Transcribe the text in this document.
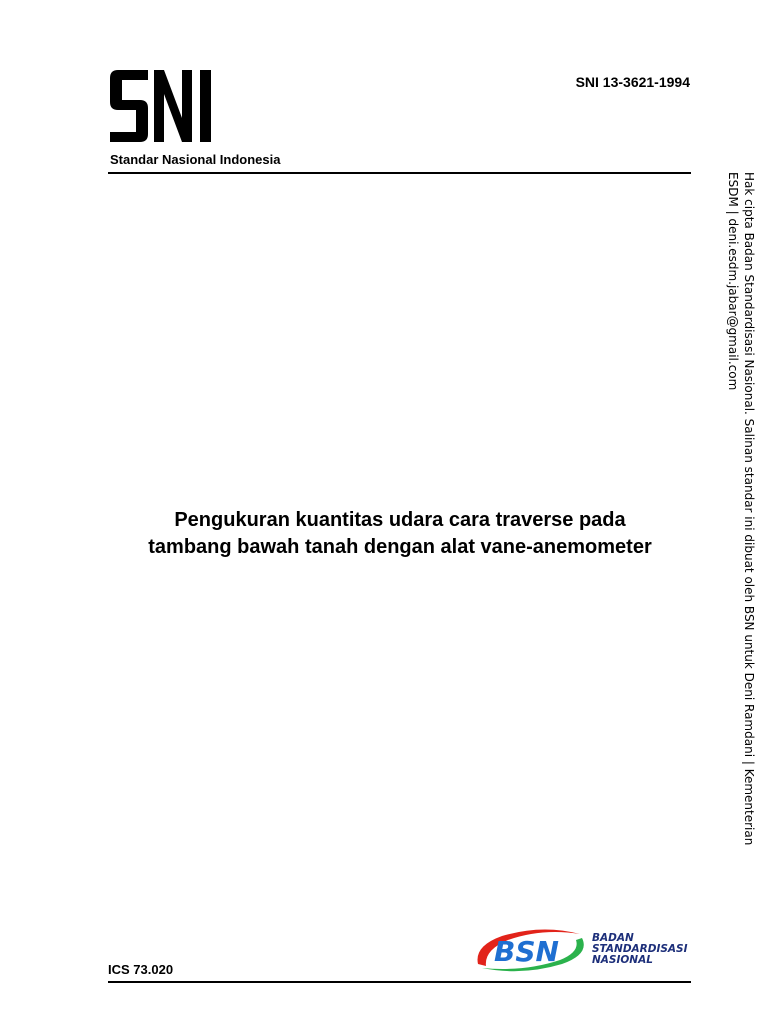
Standar Nasional Indonesia
SNI 13-3621-1994
Pengukuran kuantitas udara cara traverse pada
tambang bawah tanah dengan alat vane-anemometer	Hak cipta Badan Standardisasi Nasional. Salinan standar ini dibuat oleh BSN untuk Deni Ramdani | Kementerian
ESDM | deni.esdm.jabar@gmail.com
BSN	BADAN
STANDARDISASI
NASIONAL
ICS 73.020
